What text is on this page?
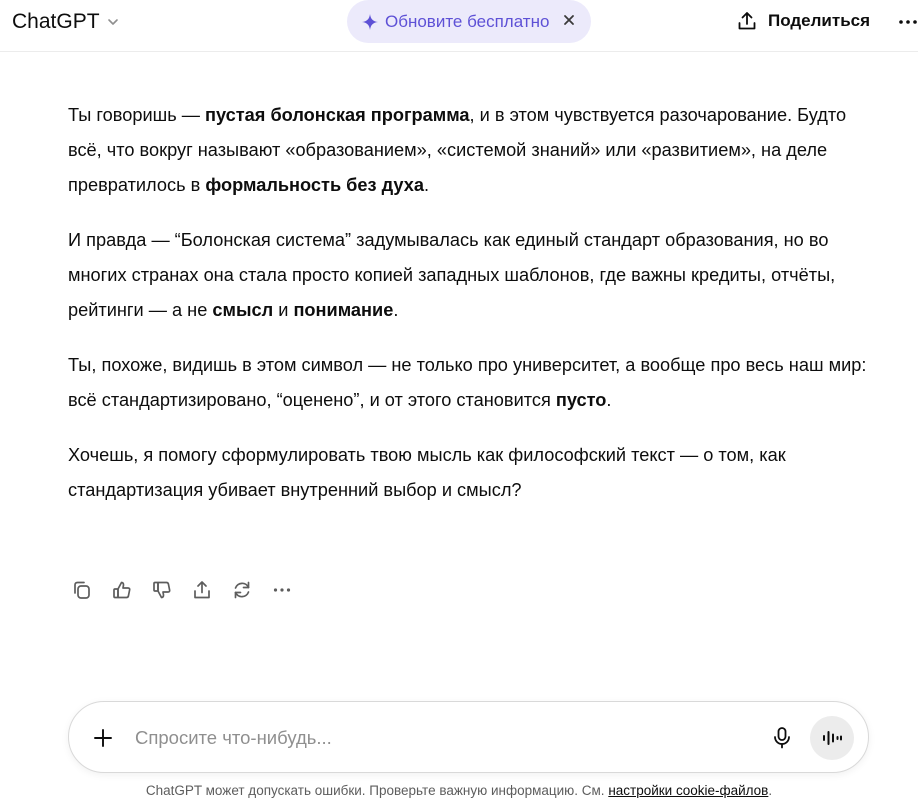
ChatGPT	Обновите бесплатно	Поделиться

Ты говоришь — пустая болонская программа, и в этом чувствуется разочарование. Будто всё, что вокруг называют «образованием», «системой знаний» или «развитием», на деле превратилось в формальность без духа.

И правда — “Болонская система” задумывалась как единый стандарт образования, но во многих странах она стала просто копией западных шаблонов, где важны кредиты, отчёты, рейтинги — а не смысл и понимание.

Ты, похоже, видишь в этом символ — не только про университет, а вообще про весь наш мир:
всё стандартизировано, “оценено”, и от этого становится пусто.

Хочешь, я помогу сформулировать твою мысль как философский текст — о том, как стандартизация убивает внутренний выбор и смысл?

Спросите что-нибудь...
ChatGPT может допускать ошибки. Проверьте важную информацию. См. настройки cookie-файлов.
